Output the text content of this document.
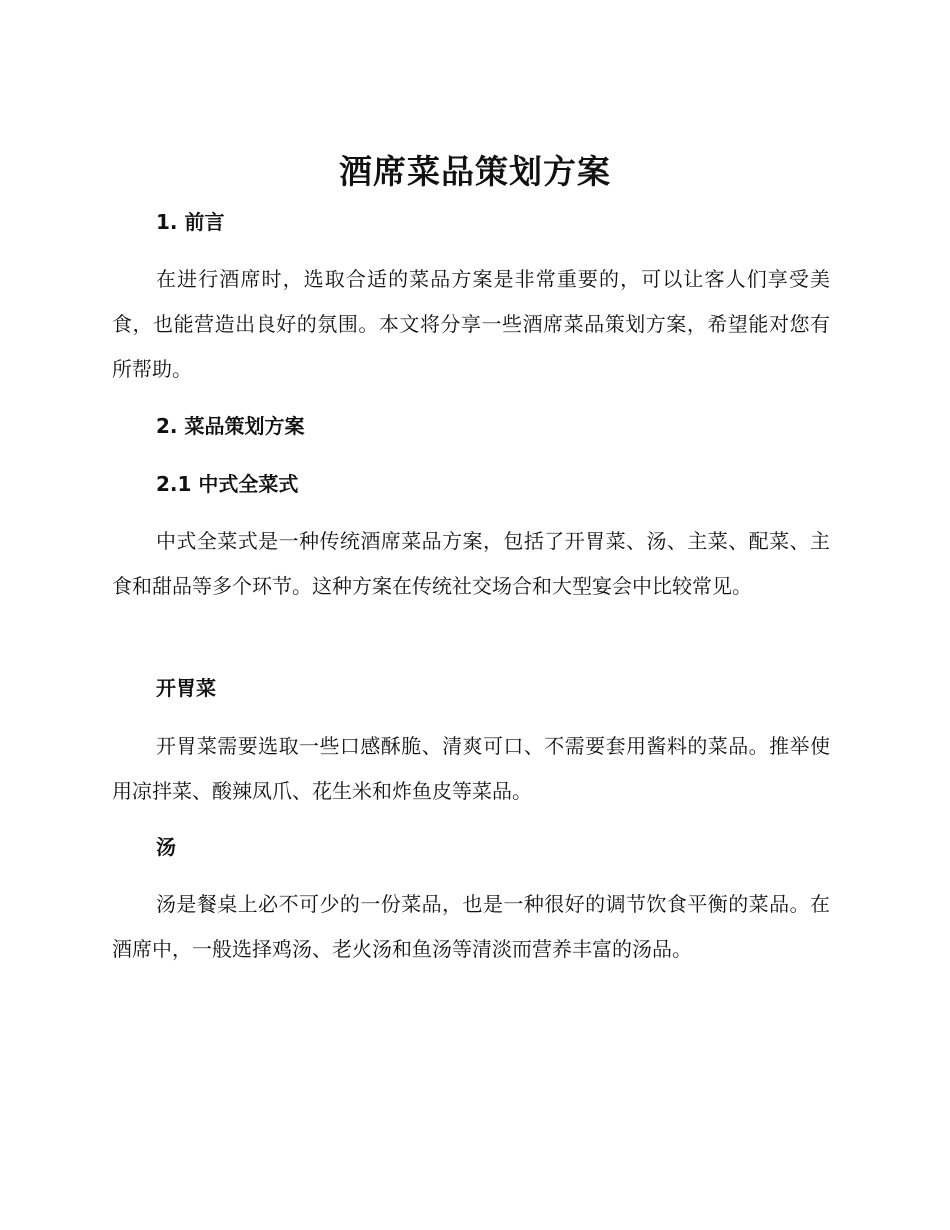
酒席菜品策划方案
1. 前言
在进行酒席时，选取合适的菜品方案是非常重要的，可以让客人们享受美食，也能营造出良好的氛围。本文将分享一些酒席菜品策划方案，希望能对您有所帮助。
2. 菜品策划方案
2.1 中式全菜式
中式全菜式是一种传统酒席菜品方案，包括了开胃菜、汤、主菜、配菜、主食和甜品等多个环节。这种方案在传统社交场合和大型宴会中比较常见。
开胃菜
开胃菜需要选取一些口感酥脆、清爽可口、不需要套用酱料的菜品。推举使用凉拌菜、酸辣凤爪、花生米和炸鱼皮等菜品。
汤
汤是餐桌上必不可少的一份菜品，也是一种很好的调节饮食平衡的菜品。在酒席中，一般选择鸡汤、老火汤和鱼汤等清淡而营养丰富的汤品。
